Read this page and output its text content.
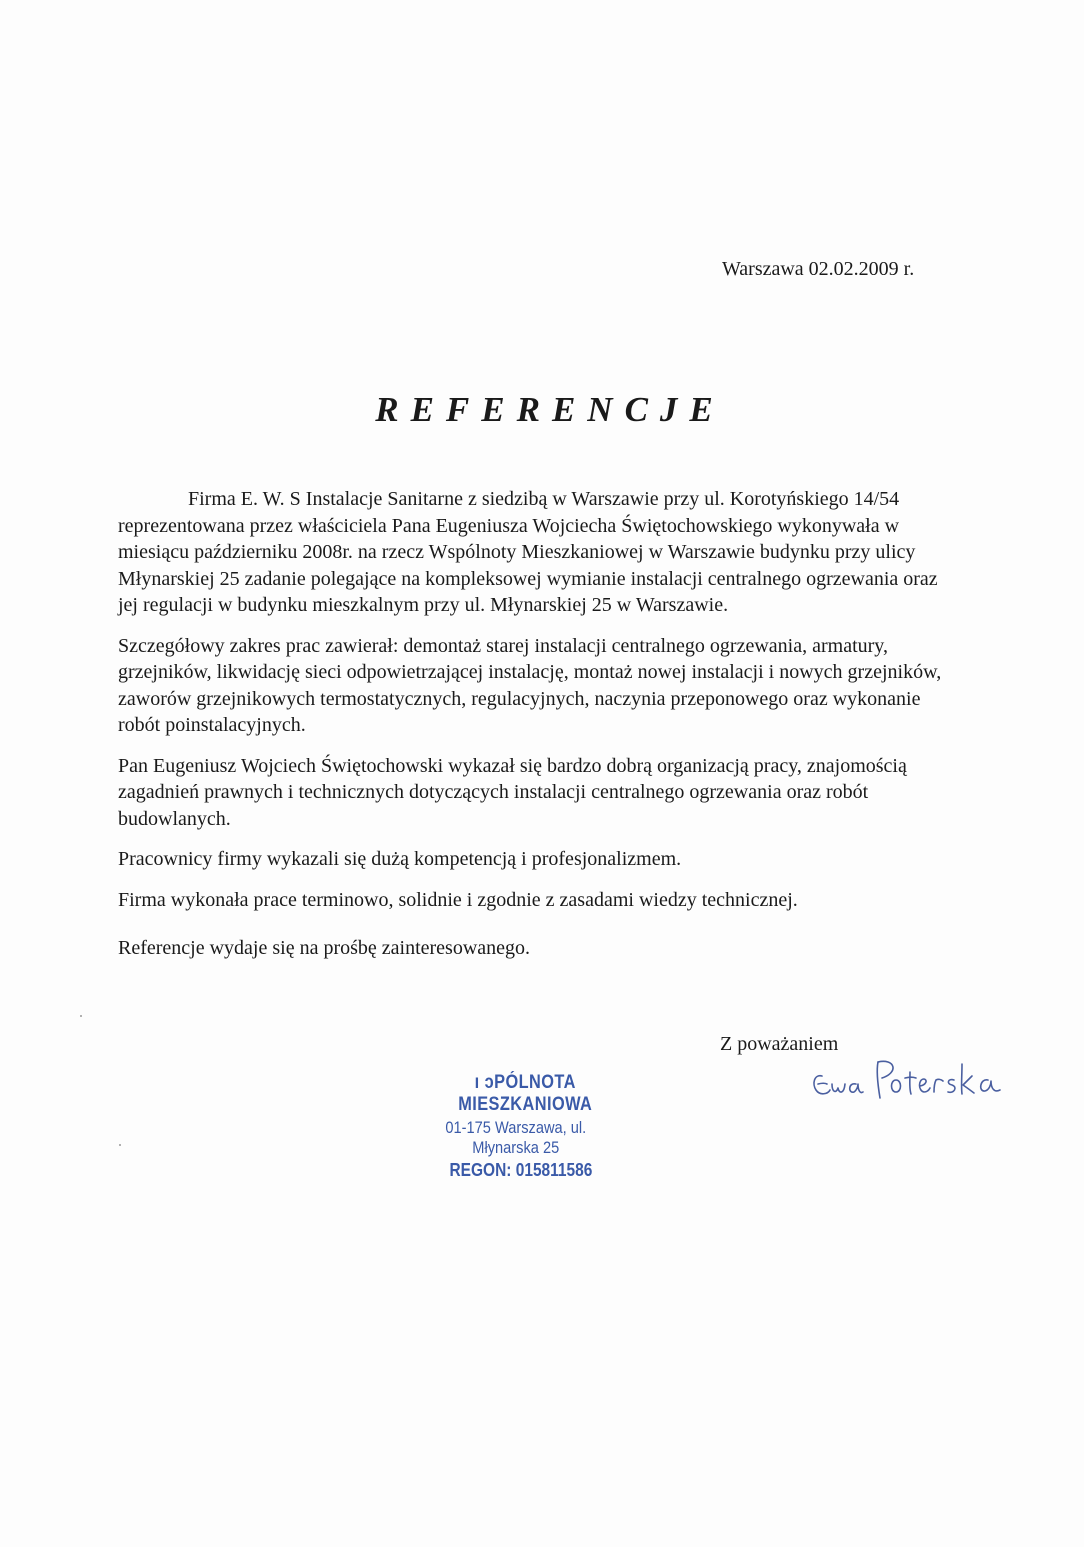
Warszawa 02.02.2009 r.
REFERENCJE

Firma E. W. S Instalacje Sanitarne z siedzibą w Warszawie przy ul. Korotyńskiego 14/54 reprezentowana przez właściciela Pana Eugeniusza Wojciecha Świętochowskiego wykonywała w miesiącu październiku 2008r. na rzecz Wspólnoty Mieszkaniowej w Warszawie budynku przy ulicy Młynarskiej 25 zadanie polegające na kompleksowej wymianie instalacji centralnego ogrzewania oraz jej regulacji w budynku mieszkalnym przy ul. Młynarskiej 25 w Warszawie.

Szczegółowy zakres prac zawierał: demontaż starej instalacji centralnego ogrzewania, armatury, grzejników, likwidację sieci odpowietrzającej instalację, montaż nowej instalacji i nowych grzejników, zaworów grzejnikowych termostatycznych, regulacyjnych, naczynia przeponowego oraz wykonanie robót poinstalacyjnych.

Pan Eugeniusz Wojciech Świętochowski wykazał się bardzo dobrą organizacją pracy, znajomością zagadnień prawnych i technicznych dotyczących instalacji centralnego ogrzewania oraz robót budowlanych.

Pracownicy firmy wykazali się dużą kompetencją i profesjonalizmem.

Firma wykonała prace terminowo, solidnie i zgodnie z zasadami wiedzy technicznej.

Referencje wydaje się na prośbę zainteresowanego.

Z poważaniem
ı ɔPÓLNOTA MIESZKANIOWA
01-175 Warszawa, ul. Młynarska 25
REGON: 015811586
